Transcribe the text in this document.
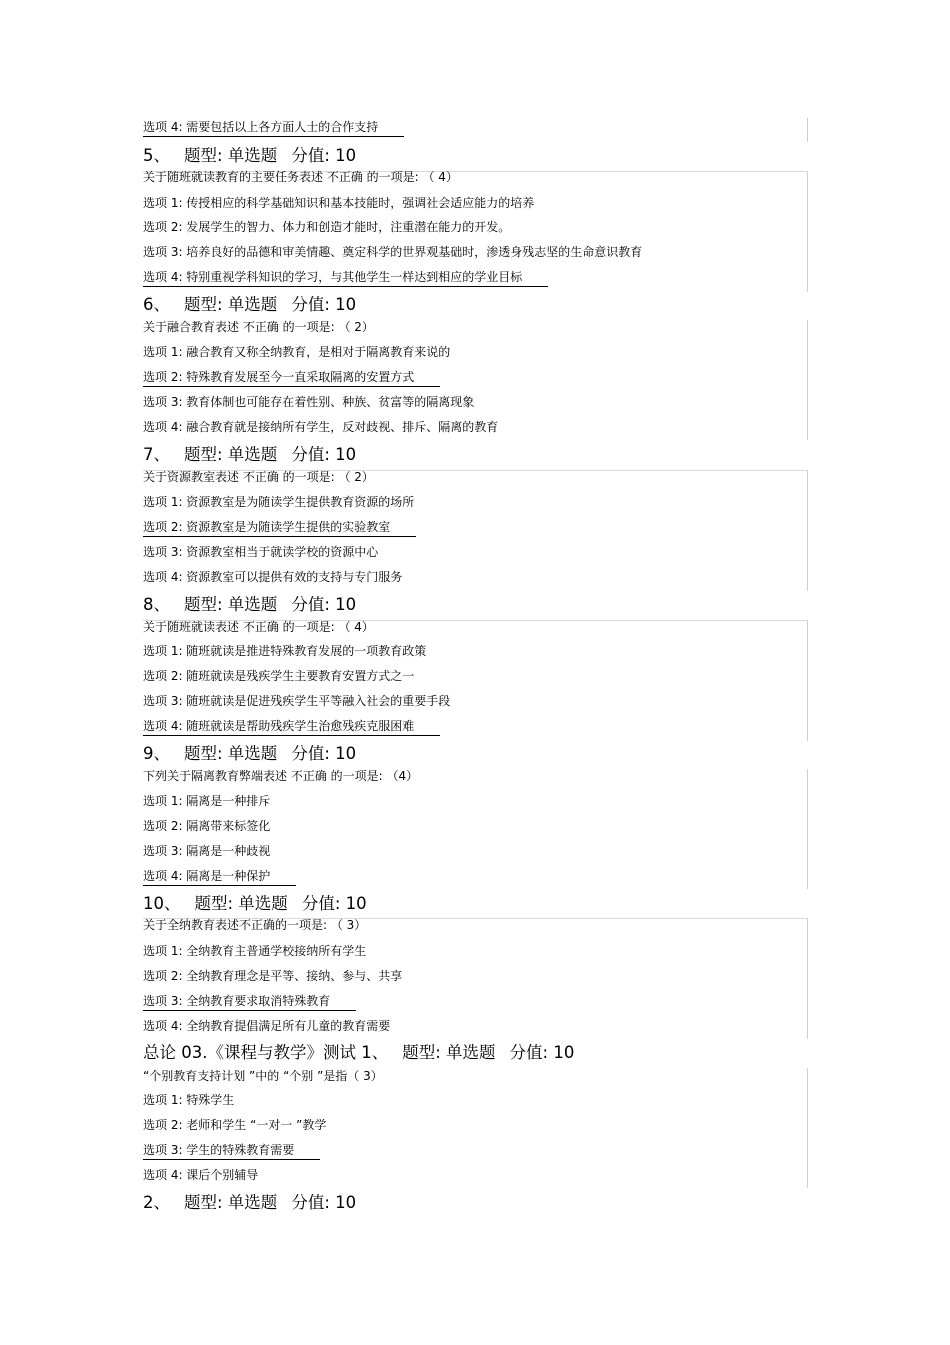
选项 4: 需要包括以上各方面人士的合作支持
5、 题型: 单选题 分值: 10
关于随班就读教育的主要任务表述 不正确 的一项是: （ 4）
选项 1: 传授相应的科学基础知识和基本技能时，强调社会适应能力的培养
选项 2: 发展学生的智力、体力和创造才能时，注重潜在能力的开发。
选项 3: 培养良好的品德和审美情趣、奠定科学的世界观基础时，渗透身残志坚的生命意识教育
选项 4: 特别重视学科知识的学习，与其他学生一样达到相应的学业目标
6、 题型: 单选题 分值: 10
关于融合教育表述 不正确 的一项是: （ 2）
选项 1: 融合教育又称全纳教育，是相对于隔离教育来说的
选项 2: 特殊教育发展至今一直采取隔离的安置方式
选项 3: 教育体制也可能存在着性别、种族、贫富等的隔离现象
选项 4: 融合教育就是接纳所有学生，反对歧视、排斥、隔离的教育
7、 题型: 单选题 分值: 10
关于资源教室表述 不正确 的一项是: （ 2）
选项 1: 资源教室是为随读学生提供教育资源的场所
选项 2: 资源教室是为随读学生提供的实验教室
选项 3: 资源教室相当于就读学校的资源中心
选项 4: 资源教室可以提供有效的支持与专门服务
8、 题型: 单选题 分值: 10
关于随班就读表述 不正确 的一项是: （ 4）
选项 1: 随班就读是推进特殊教育发展的一项教育政策
选项 2: 随班就读是残疾学生主要教育安置方式之一
选项 3: 随班就读是促进残疾学生平等融入社会的重要手段
选项 4: 随班就读是帮助残疾学生治愈残疾克服困难
9、 题型: 单选题 分值: 10
下列关于隔离教育弊端表述 不正确 的一项是: （4）
选项 1: 隔离是一种排斥
选项 2: 隔离带来标签化
选项 3: 隔离是一种歧视
选项 4: 隔离是一种保护
10、 题型: 单选题 分值: 10
关于全纳教育表述不正确的一项是: （ 3）
选项 1: 全纳教育主普通学校接纳所有学生
选项 2: 全纳教育理念是平等、接纳、参与、共享
选项 3: 全纳教育要求取消特殊教育
选项 4: 全纳教育提倡满足所有儿童的教育需要
总论 03.《课程与教学》测试 1、 题型: 单选题 分值: 10
“个别教育支持计划 ”中的 “个别 ”是指（ 3）
选项 1: 特殊学生
选项 2: 老师和学生 “一对一 ”教学
选项 3: 学生的特殊教育需要
选项 4: 课后个别辅导
2、 题型: 单选题 分值: 10
